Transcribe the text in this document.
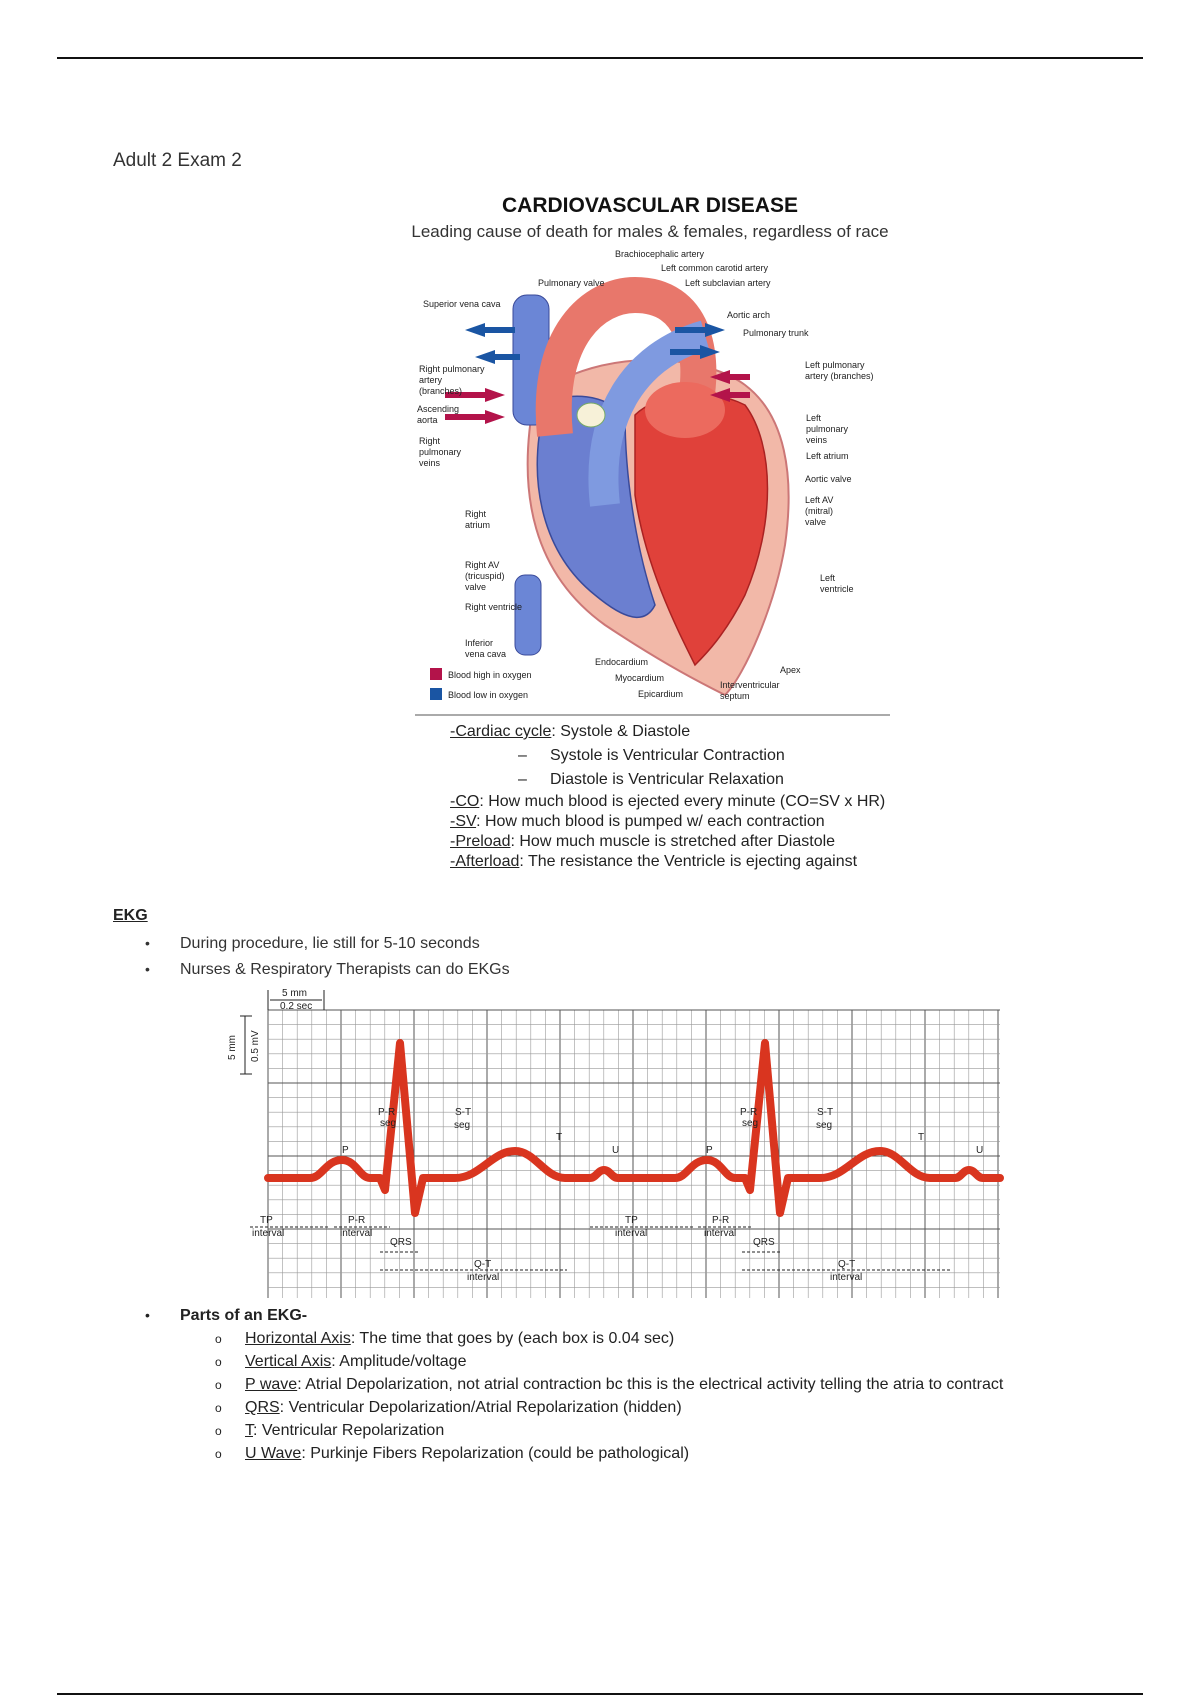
Adult 2 Exam 2
CARDIOVASCULAR DISEASE
Leading cause of death for males & females, regardless of race
Brachiocephalic artery
Left common carotid artery
Left subclavian artery
Pulmonary valve
Superior vena cava
Aortic arch
Pulmonary trunk
Right pulmonary
artery
(branches)
Left pulmonary
artery (branches)
Ascending
aorta
Right
pulmonary
veins
Left
pulmonary
veins
Left atrium
Aortic valve
Left AV
(mitral)
valve
Right
atrium
Right AV
(tricuspid)
valve
Right ventricle
Left
ventricle
Inferior
vena cava
Endocardium
Myocardium
Epicardium
Apex
Interventricular
septum
Blood high in oxygen
Blood low in oxygen
-Cardiac cycle: Systole & Diastole
– Systole is Ventricular Contraction
– Diastole is Ventricular Relaxation
-CO: How much blood is ejected every minute (CO=SV x HR)
-SV: How much blood is pumped w/ each contraction
-Preload: How much muscle is stretched after Diastole
-Afterload: The resistance the Ventricle is ejecting against
EKG
• During procedure, lie still for 5-10 seconds
• Nurses & Respiratory Therapists can do EKGs
5 mm
0.2 sec
5 mm 0.5 mV
P
P-R
seg
S-T
seg
T
U
TP
interval
P-R
interval
QRS
Q-T
interval
P
P-R
seg
S-T
seg
T
U
TP
interval
P-R
interval
QRS
Q-T
interval
• Parts of an EKG-
o Horizontal Axis: The time that goes by (each box is 0.04 sec)
o Vertical Axis: Amplitude/voltage
o P wave: Atrial Depolarization, not atrial contraction bc this is the electrical activity telling the atria to contract
o QRS: Ventricular Depolarization/Atrial Repolarization (hidden)
o T: Ventricular Repolarization
o U Wave: Purkinje Fibers Repolarization (could be pathological)
